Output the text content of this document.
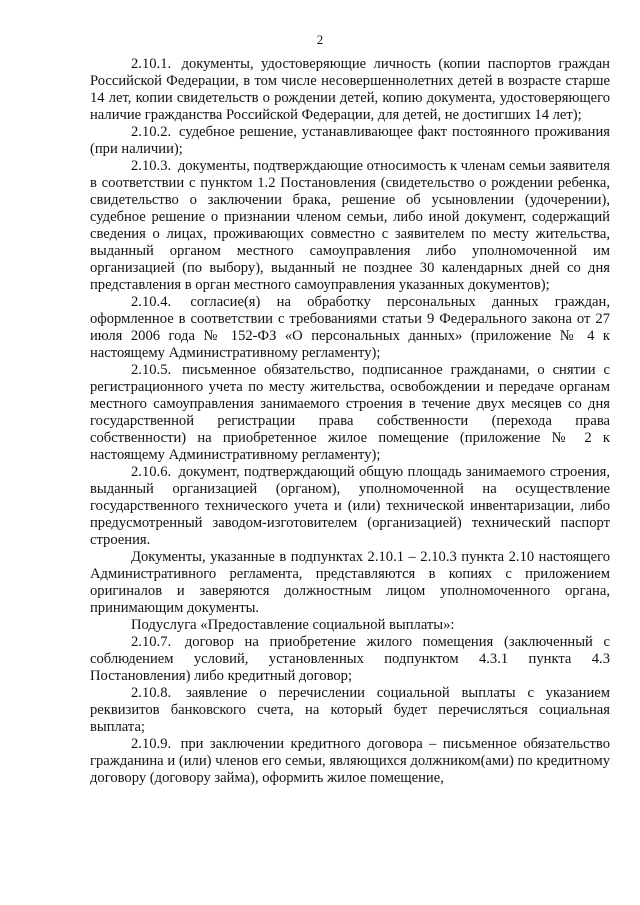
2

2.10.1. документы, удостоверяющие личность (копии паспортов граждан Российской Федерации, в том числе несовершеннолетних детей в возрасте старше 14 лет, копии свидетельств о рождении детей, копию документа, удостоверяющего наличие гражданства Российской Федерации, для детей, не достигших 14 лет);

2.10.2. судебное решение, устанавливающее факт постоянного проживания (при наличии);

2.10.3. документы, подтверждающие относимость к членам семьи заявителя в соответствии с пунктом 1.2 Постановления (свидетельство о рождении ребенка, свидетельство о заключении брака, решение об усыновлении (удочерении), судебное решение о признании членом семьи, либо иной документ, содержащий сведения о лицах, проживающих совместно с заявителем по месту жительства, выданный органом местного самоуправления либо уполномоченной им организацией (по выбору), выданный не позднее 30 календарных дней со дня представления в орган местного самоуправления указанных документов);

2.10.4. согласие(я) на обработку персональных данных граждан, оформленное в соответствии с требованиями статьи 9 Федерального закона от 27 июля 2006 года № 152-ФЗ «О персональных данных» (приложение № 4 к настоящему Административному регламенту);

2.10.5. письменное обязательство, подписанное гражданами, о снятии с регистрационного учета по месту жительства, освобождении и передаче органам местного самоуправления занимаемого строения в течение двух месяцев со дня государственной регистрации права собственности (перехода права собственности) на приобретенное жилое помещение (приложение № 2 к настоящему Административному регламенту);

2.10.6. документ, подтверждающий общую площадь занимаемого строения, выданный организацией (органом), уполномоченной на осуществление государственного технического учета и (или) технической инвентаризации, либо предусмотренный заводом-изготовителем (организацией) технический паспорт строения.

Документы, указанные в подпунктах 2.10.1 – 2.10.3 пункта 2.10 настоящего Административного регламента, представляются в копиях с приложением оригиналов и заверяются должностным лицом уполномоченного органа, принимающим документы.

Подуслуга «Предоставление социальной выплаты»:

2.10.7. договор на приобретение жилого помещения (заключенный с соблюдением условий, установленных подпунктом 4.3.1 пункта 4.3 Постановления) либо кредитный договор;

2.10.8. заявление о перечислении социальной выплаты с указанием реквизитов банковского счета, на который будет перечисляться социальная выплата;

2.10.9. при заключении кредитного договора – письменное обязательство гражданина и (или) членов его семьи, являющихся должником(ами) по кредитному договору (договору займа), оформить жилое помещение,
